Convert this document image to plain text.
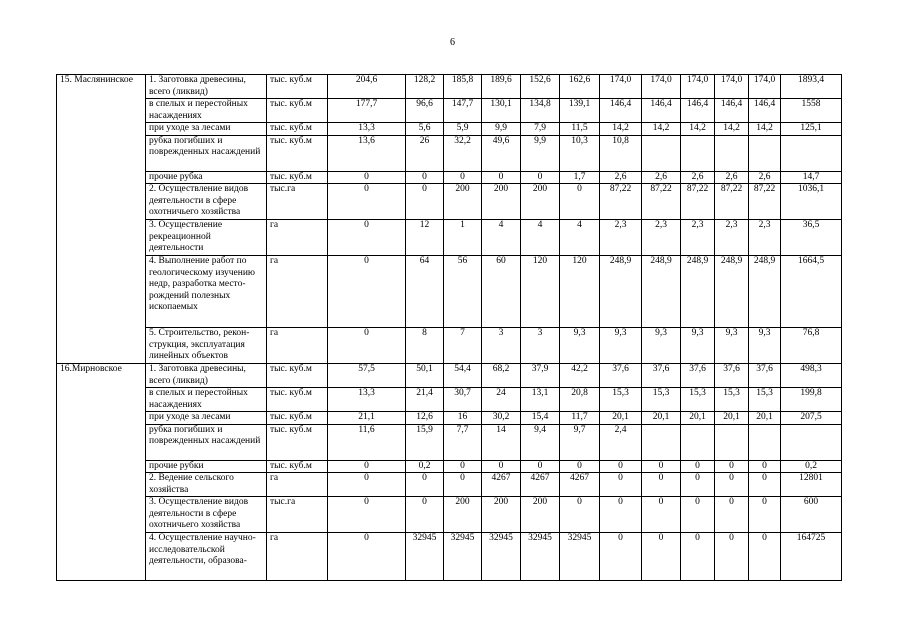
6
15. Маслянинское	1. Заготовка древесины, всего (ликвид)	тыс. куб.м	204,6	128,2	185,8	189,6	152,6	162,6	174,0	174,0	174,0	174,0	174,0	1893,4
	в спелых и перестойных насаждениях	тыс. куб.м	177,7	96,6	147,7	130,1	134,8	139,1	146,4	146,4	146,4	146,4	146,4	1558
	при уходе за лесами	тыс. куб.м	13,3	5,6	5,9	9,9	7,9	11,5	14,2	14,2	14,2	14,2	14,2	125,1
	рубка погибших и поврежденных насаждений	тыс. куб.м	13,6	26	32,2	49,6	9,9	10,3	10,8					
	прочие рубка	тыс. куб.м	0	0	0	0	0	1,7	2,6	2,6	2,6	2,6	2,6	14,7
	2. Осуществление видов деятельности в сфере охотничьего хозяйства	тыс.га	0	0	200	200	200	0	87,22	87,22	87,22	87,22	87,22	1036,1
	3. Осуществление рекреационной деятельности	га	0	12	1	4	4	4	2,3	2,3	2,3	2,3	2,3	36,5
	4. Выполнение работ по геологическому изучению недр, разработка место-рождений полезных ископаемых	га	0	64	56	60	120	120	248,9	248,9	248,9	248,9	248,9	1664,5
	5. Строительство, рекон-струкция, эксплуатация линейных объектов	га	0	8	7	3	3	9,3	9,3	9,3	9,3	9,3	9,3	76,8
16.Мирновское	1. Заготовка древесины, всего (ликвид)	тыс. куб.м	57,5	50,1	54,4	68,2	37,9	42,2	37,6	37,6	37,6	37,6	37,6	498,3
	в спелых и перестойных насаждениях	тыс. куб.м	13,3	21,4	30,7	24	13,1	20,8	15,3	15,3	15,3	15,3	15,3	199,8
	при уходе за лесами	тыс. куб.м	21,1	12,6	16	30,2	15,4	11,7	20,1	20,1	20,1	20,1	20,1	207,5
	рубка погибших и поврежденных насаждений	тыс. куб.м	11,6	15,9	7,7	14	9,4	9,7	2,4					
	прочие рубки	тыс. куб.м	0	0,2	0	0	0	0	0	0	0	0	0	0,2
	2. Ведение сельского хозяйства	га	0	0	0	4267	4267	4267	0	0	0	0	0	12801
	3. Осуществление видов деятельности в сфере охотничьего хозяйства	тыс.га	0	0	200	200	200	0	0	0	0	0	0	600
	4. Осуществление научно-исследовательской деятельности, образова-	га	0	32945	32945	32945	32945	32945	0	0	0	0	0	164725
